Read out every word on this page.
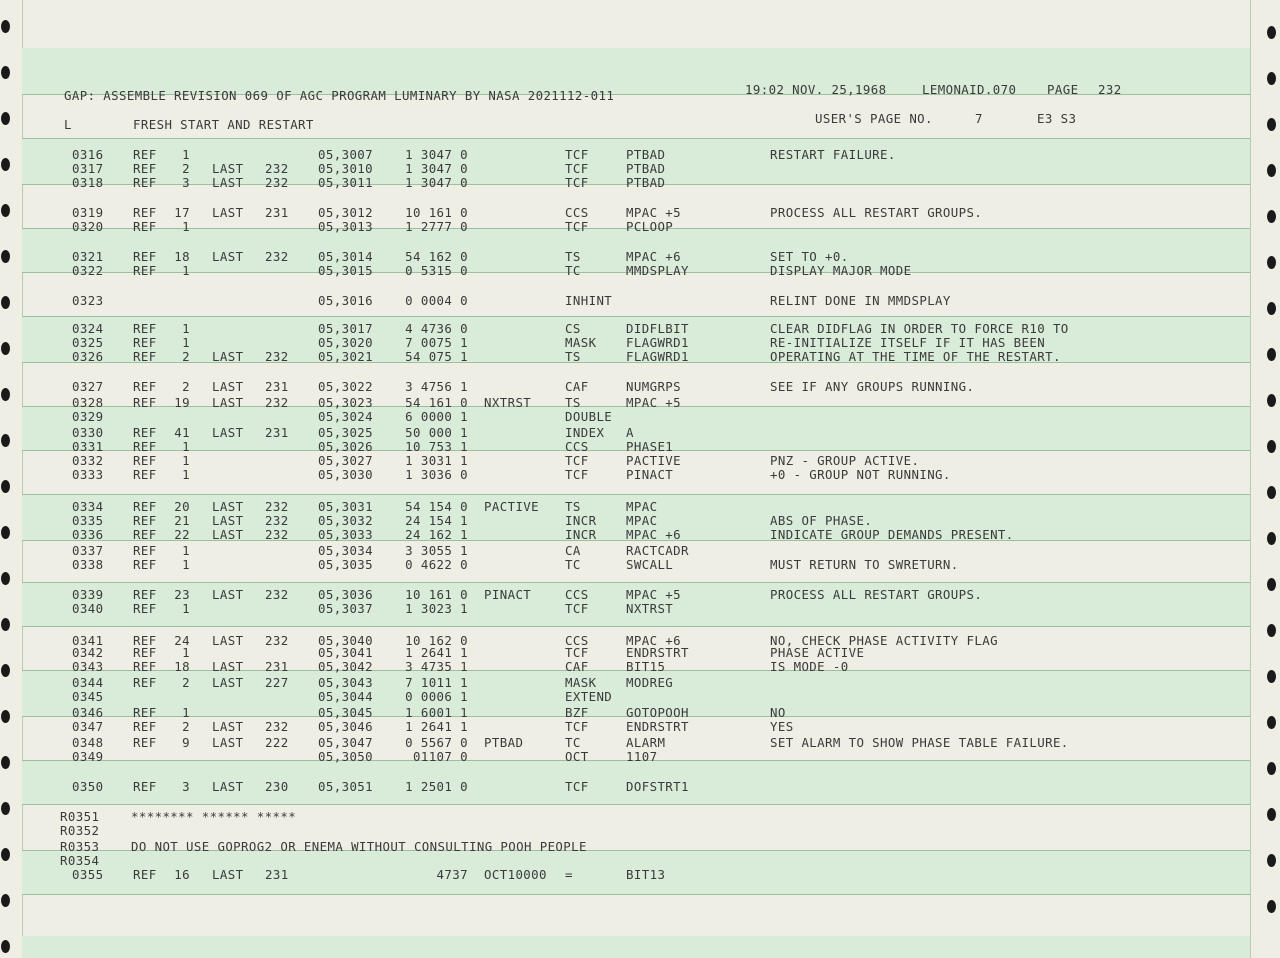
GAP: ASSEMBLE REVISION 069 OF AGC PROGRAM LUMINARY BY NASA 2021112-011	19:02 NOV. 25,1968	LEMONAID.070 PAGE 232
L	FRESH START AND RESTART	USER'S PAGE NO.	7	E3 S3
0316 REF 1	05,3007	1 3047 0	TCF	PTBAD	RESTART FAILURE.
0317 REF 2 LAST 232 05,3010	1 3047 0	TCF	PTBAD
0318 REF 3 LAST 232 05,3011	1 3047 0	TCF	PTBAD
0319 REF 17 LAST 231 05,3012	10 161 0	CCS	MPAC +5	PROCESS ALL RESTART GROUPS.
0320 REF 1	05,3013	1 2777 0	TCF	PCLOOP
0321 REF 18 LAST 232 05,3014	54 162 0	TS	MPAC +6	SET TO +0.
0322 REF 1	05,3015	0 5315 0	TC	MMDSPLAY	DISPLAY MAJOR MODE
0323	05,3016	0 0004 0	INHINT	RELINT DONE IN MMDSPLAY
0324 REF 1	05,3017	4 4736 0	CS	DIDFLBIT	CLEAR DIDFLAG IN ORDER TO FORCE R10 TO
0325 REF 1	05,3020	7 0075 1	MASK FLAGWRD1	RE-INITIALIZE ITSELF IF IT HAS BEEN
0326 REF 2 LAST 232 05,3021	54 075 1	TS	FLAGWRD1	OPERATING AT THE TIME OF THE RESTART.
0327 REF 2 LAST 231 05,3022	3 4756 1	CAF	NUMGRPS	SEE IF ANY GROUPS RUNNING.
0328 REF 19 LAST 232 05,3023	54 161 0 NXTRST	TS	MPAC +5
0329	05,3024	6 0000 1	DOUBLE
0330 REF 41 LAST 231 05,3025	50 000 1	INDEX A
0331 REF 1	05,3026	10 753 1	CCS	PHASE1
0332 REF 1	05,3027	1 3031 1	TCF	PACTIVE	PNZ - GROUP ACTIVE.
0333 REF 1	05,3030	1 3036 0	TCF	PINACT	+0 - GROUP NOT RUNNING.
0334 REF 20 LAST 232 05,3031	54 154 0 PACTIVE TS	MPAC
0335 REF 21 LAST 232 05,3032	24 154 1	INCR MPAC	ABS OF PHASE.
0336 REF 22 LAST 232 05,3033	24 162 1	INCR MPAC +6	INDICATE GROUP DEMANDS PRESENT.
0337 REF 1	05,3034	3 3055 1	CA	RACTCADR
0338 REF 1	05,3035	0 4622 0	TC	SWCALL	MUST RETURN TO SWRETURN.
0339 REF 23 LAST 232 05,3036	10 161 0 PINACT	CCS	MPAC +5	PROCESS ALL RESTART GROUPS.
0340 REF 1	05,3037	1 3023 1	TCF	NXTRST
0341 REF 24 LAST 232 05,3040	10 162 0	CCS	MPAC +6	NO, CHECK PHASE ACTIVITY FLAG
0342 REF 1	05,3041	1 2641 1	TCF	ENDRSTRT	PHASE ACTIVE
0343 REF 18 LAST 231 05,3042	3 4735 1	CAF	BIT15	IS MODE -0
0344 REF 2 LAST 227 05,3043	7 1011 1	MASK MODREG
0345	05,3044	0 0006 1	EXTEND
0346 REF 1	05,3045	1 6001 1	BZF	GOTOPOOH	NO
0347 REF 2 LAST 232 05,3046	1 2641 1	TCF	ENDRSTRT	YES
0348 REF 9 LAST 222 05,3047	0 5567 0 PTBAD	TC	ALARM	SET ALARM TO SHOW PHASE TABLE FAILURE.
0349	05,3050	01107 0	OCT	1107
0350 REF 3 LAST 230 05,3051	1 2501 0	TCF	DOFSTRT1
R0351	******** ****** *****
R0352
R0353	DO NOT USE GOPROG2 OR ENEMA WITHOUT CONSULTING POOH PEOPLE
R0354
0355 REF 16 LAST 231	4737 OCT10000 =	BIT13
